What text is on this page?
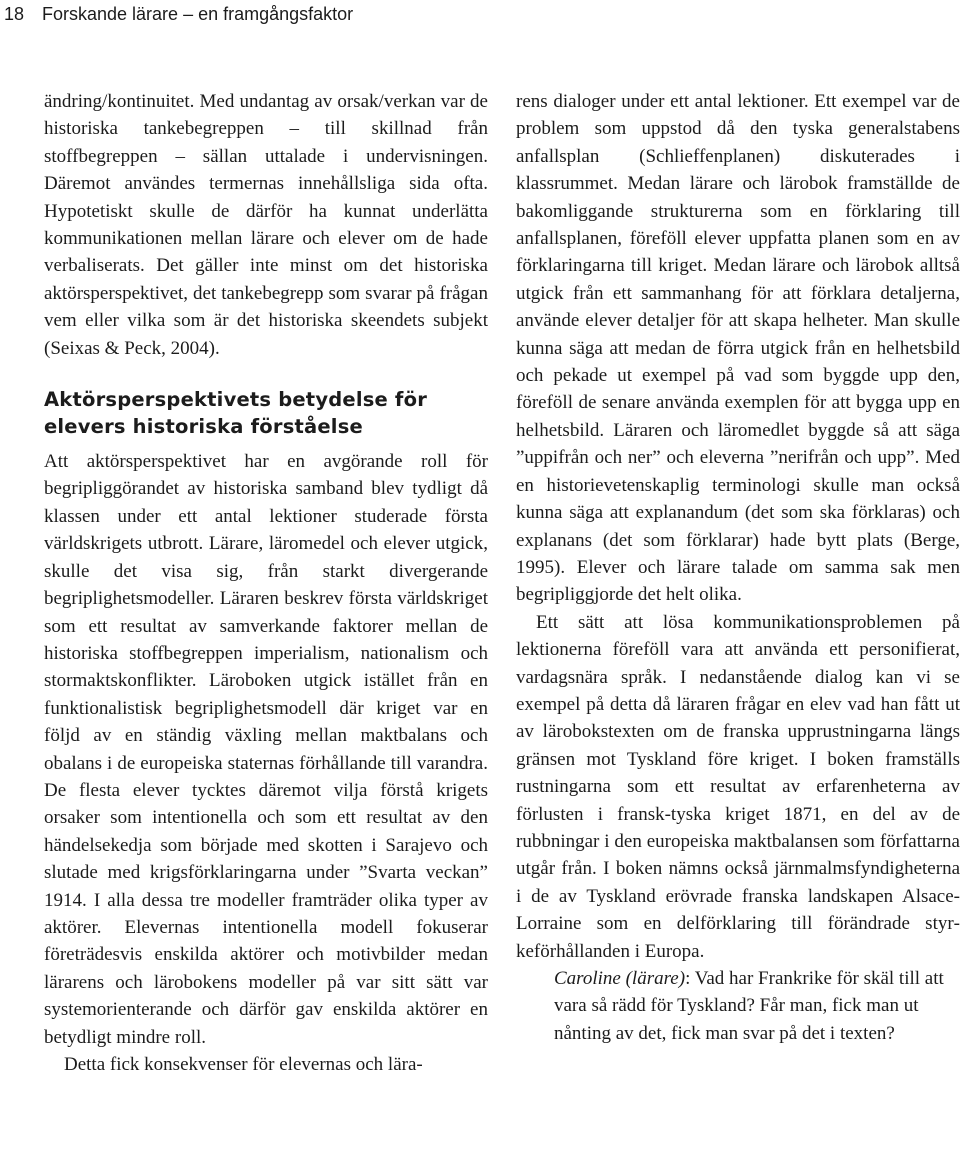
18 Forskande lärare – en framgångsfaktor

ändring/kontinuitet. Med undantag av orsak/verkan var de historiska tankebegreppen – till skillnad från stoffbegreppen – sällan uttalade i undervisningen. Däremot användes termernas innehållsliga sida ofta. Hypotetiskt skulle de därför ha kunnat underlätta kommunikationen mellan lärare och elever om de hade verbaliserats. Det gäller inte minst om det historiska aktörsperspektivet, det tankebegrepp som svarar på frågan vem eller vilka som är det historiska skeendets subjekt (Seixas & Peck, 2004).

Aktörsperspektivets betydelse för elevers historiska förståelse

Att aktörsperspektivet har en avgörande roll för begripliggörandet av historiska samband blev tydligt då klassen under ett antal lektioner studerade första världskrigets utbrott. Lärare, läromedel och elever utgick, skulle det visa sig, från starkt divergerande begriplighetsmodeller. Läraren beskrev första världskriget som ett resultat av samverkande faktorer mellan de historiska stoffbegreppen imperialism, nationalism och stormaktskonflikter. Läroboken utgick istället från en funktionalistisk begriplighetsmodell där kriget var en följd av en ständig växling mellan maktbalans och obalans i de europeiska staternas förhållande till varandra. De flesta elever tycktes däremot vilja förstå krigets orsaker som intentionella och som ett resultat av den händelsekedja som började med skotten i Sarajevo och slutade med krigsförklaringarna under ”Svarta veckan” 1914. I alla dessa tre modeller framträder olika typer av aktörer. Elevernas intentionella modell fokuserar företrädesvis enskilda aktörer och motivbilder medan lärarens och lärobokens modeller på var sitt sätt var systemorienterande och därför gav enskilda aktörer en betydligt mindre roll.

Detta fick konsekvenser för elevernas och lära-

rens dialoger under ett antal lektioner. Ett exempel var de problem som uppstod då den tyska generalstabens anfallsplan (Schlieffenplanen) diskuterades i klassrummet. Medan lärare och lärobok framställde de bakomliggande strukturerna som en förklaring till anfallsplanen, föreföll elever uppfatta planen som en av förklaringarna till kriget. Medan lärare och lärobok alltså utgick från ett sammanhang för att förklara detaljerna, använde elever detaljer för att skapa helheter. Man skulle kunna säga att medan de förra utgick från en helhetsbild och pekade ut exempel på vad som byggde upp den, föreföll de senare använda exemplen för att bygga upp en helhetsbild. Läraren och läromedlet byggde så att säga ”uppifrån och ner” och eleverna ”nerifrån och upp”. Med en historievetenskaplig terminologi skulle man också kunna säga att explanandum (det som ska förklaras) och explanans (det som förklarar) hade bytt plats (Berge, 1995). Elever och lärare talade om samma sak men begripliggjorde det helt olika.

Ett sätt att lösa kommunikationsproblemen på lektionerna föreföll vara att använda ett personifierat, vardagsnära språk. I nedanstående dialog kan vi se exempel på detta då läraren frågar en elev vad han fått ut av lärobokstexten om de franska upprustningarna längs gränsen mot Tyskland före kriget. I boken framställs rustningarna som ett resultat av erfarenheterna av förlusten i fransk-tyska kriget 1871, en del av de rubbningar i den europeiska maktbalansen som författarna utgår från. I boken nämns också järnmalmsfyndigheterna i de av Tyskland erövrade franska landskapen Alsace-Lorraine som en delförklaring till förändrade styrkeförhållanden i Europa.

Caroline (lärare): Vad har Frankrike för skäl till att vara så rädd för Tyskland? Får man, fick man ut nånting av det, fick man svar på det i texten?
